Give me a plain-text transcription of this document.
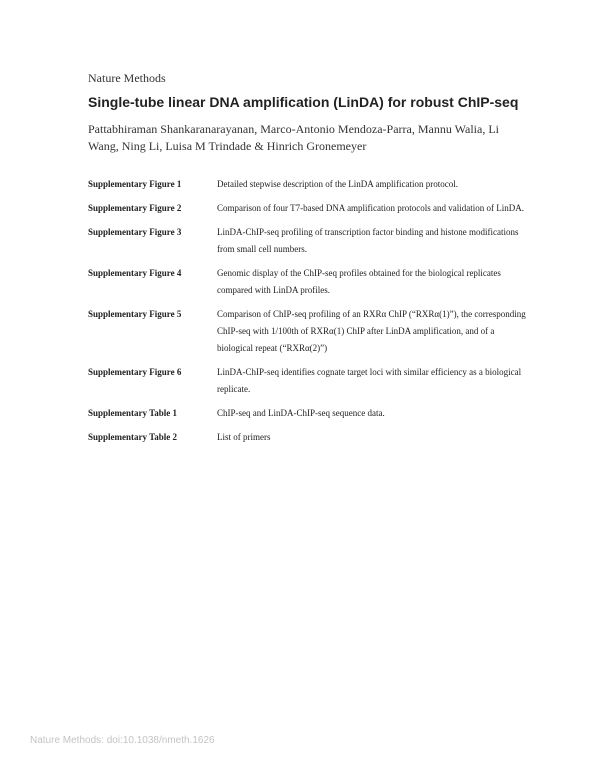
Nature Methods
Single-tube linear DNA amplification (LinDA) for robust ChIP-seq
Pattabhiraman Shankaranarayanan, Marco-Antonio Mendoza-Parra, Mannu Walia, Li Wang, Ning Li, Luisa M Trindade & Hinrich Gronemeyer
Supplementary Figure 1	Detailed stepwise description of the LinDA amplification protocol.
Supplementary Figure 2	Comparison of four T7-based DNA amplification protocols and validation of LinDA.
Supplementary Figure 3	LinDA-ChIP-seq profiling of transcription factor binding and histone modifications from small cell numbers.
Supplementary Figure 4	Genomic display of the ChIP-seq profiles obtained for the biological replicates compared with LinDA profiles.
Supplementary Figure 5	Comparison of ChIP-seq profiling of an RXRα ChIP (“RXRα(1)”), the corresponding ChIP-seq with 1/100th of RXRα(1) ChIP after LinDA amplification, and of a biological repeat (“RXRα(2)”)
Supplementary Figure 6	LinDA-ChIP-seq identifies cognate target loci with similar efficiency as a biological replicate.
Supplementary Table 1	ChIP-seq and LinDA-ChIP-seq sequence data.
Supplementary Table 2	List of primers
Nature Methods: doi:10.1038/nmeth.1626
